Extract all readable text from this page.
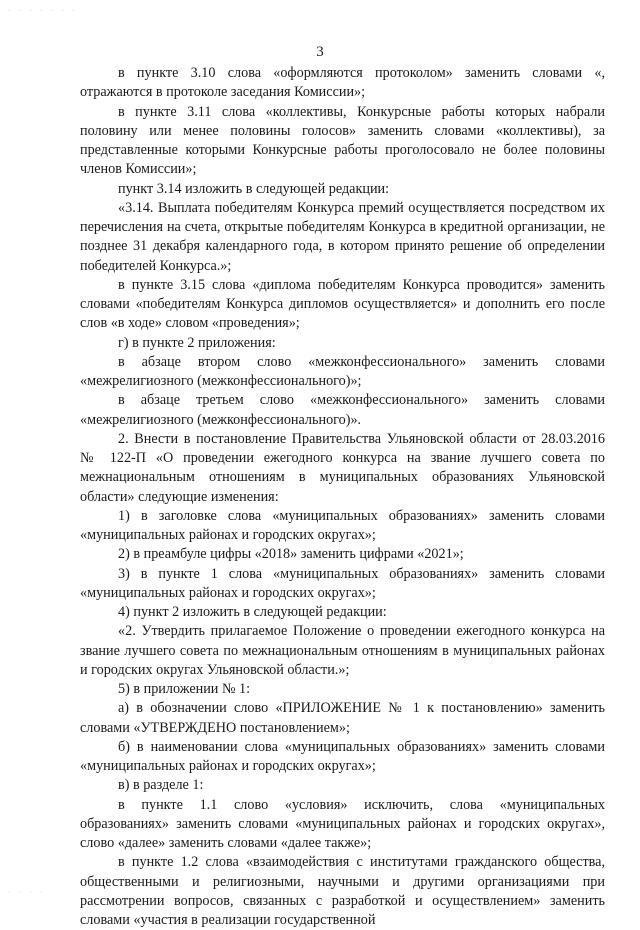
· · · · · · ·
3

в пункте 3.10 слова «оформляются протоколом» заменить словами «, отражаются в протоколе заседания Комиссии»;

в пункте 3.11 слова «коллективы, Конкурсные работы которых набрали половину или менее половины голосов» заменить словами «коллективы), за представленные которыми Конкурсные работы проголосовало не более половины членов Комиссии»;

пункт 3.14 изложить в следующей редакции:

«3.14. Выплата победителям Конкурса премий осуществляется посредством их перечисления на счета, открытые победителям Конкурса в кредитной организации, не позднее 31 декабря календарного года, в котором принято решение об определении победителей Конкурса.»;

в пункте 3.15 слова «диплома победителям Конкурса проводится» заменить словами «победителям Конкурса дипломов осуществляется» и дополнить его после слов «в ходе» словом «проведения»;

г) в пункте 2 приложения:

в абзаце втором слово «межконфессионального» заменить словами «межрелигиозного (межконфессионального)»;

в абзаце третьем слово «межконфессионального» заменить словами «межрелигиозного (межконфессионального)».

2. Внести в постановление Правительства Ульяновской области от 28.03.2016 № 122-П «О проведении ежегодного конкурса на звание лучшего совета по межнациональным отношениям в муниципальных образованиях Ульяновской области» следующие изменения:

1) в заголовке слова «муниципальных образованиях» заменить словами «муниципальных районах и городских округах»;

2) в преамбуле цифры «2018» заменить цифрами «2021»;

3) в пункте 1 слова «муниципальных образованиях» заменить словами «муниципальных районах и городских округах»;

4) пункт 2 изложить в следующей редакции:

«2. Утвердить прилагаемое Положение о проведении ежегодного конкурса на звание лучшего совета по межнациональным отношениям в муниципальных районах и городских округах Ульяновской области.»;

5) в приложении № 1:

а) в обозначении слово «ПРИЛОЖЕНИЕ № 1 к постановлению» заменить словами «УТВЕРЖДЕНО постановлением»;

б) в наименовании слова «муниципальных образованиях» заменить словами «муниципальных районах и городских округах»;

в) в разделе 1:

в пункте 1.1 слово «условия» исключить, слова «муниципальных образованиях» заменить словами «муниципальных районах и городских округах», слово «далее» заменить словами «далее также»;

в пункте 1.2 слова «взаимодействия с институтами гражданского общества, общественными и религиозными, научными и другими организациями при рассмотрении вопросов, связанных с разработкой и осуществлением» заменить словами «участия в реализации государственной

· · · ·
